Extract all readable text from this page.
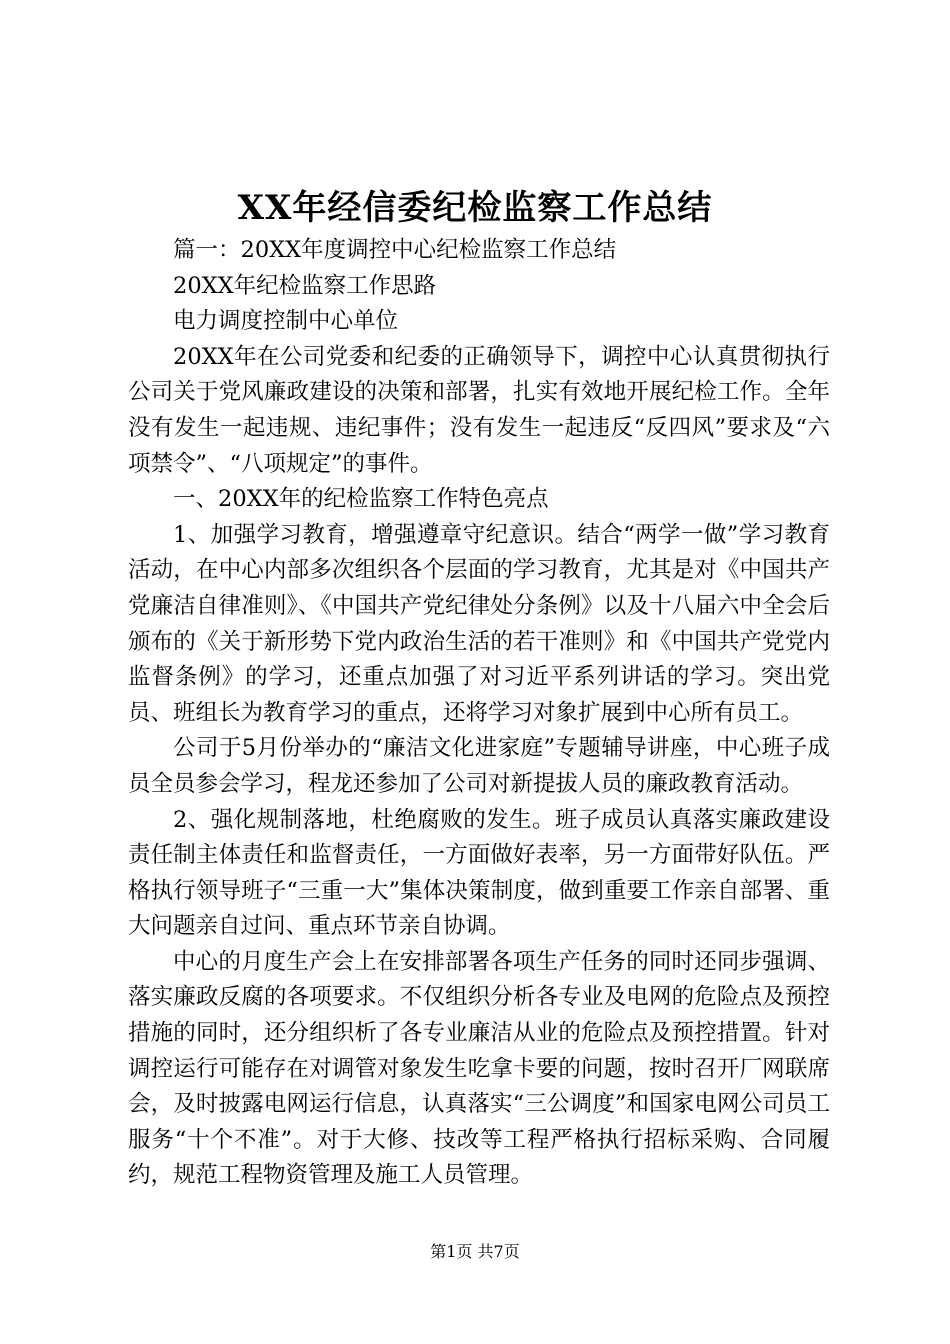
XX年经信委纪检监察工作总结

篇一：20XX年度调控中心纪检监察工作总结

20XX年纪检监察工作思路

电力调度控制中心单位

20XX年在公司党委和纪委的正确领导下，调控中心认真贯彻执行公司关于党风廉政建设的决策和部署，扎实有效地开展纪检工作。全年没有发生一起违规、违纪事件；没有发生一起违反“反四风”要求及“六项禁令”、“八项规定”的事件。

一、20XX年的纪检监察工作特色亮点

1、加强学习教育，增强遵章守纪意识。结合“两学一做”学习教育活动，在中心内部多次组织各个层面的学习教育，尤其是对《中国共产党廉洁自律准则》、《中国共产党纪律处分条例》以及十八届六中全会后颁布的《关于新形势下党内政治生活的若干准则》和《中国共产党党内监督条例》的学习，还重点加强了对习近平系列讲话的学习。突出党员、班组长为教育学习的重点，还将学习对象扩展到中心所有员工。

公司于5月份举办的“廉洁文化进家庭”专题辅导讲座，中心班子成员全员参会学习，程龙还参加了公司对新提拔人员的廉政教育活动。

2、强化规制落地，杜绝腐败的发生。班子成员认真落实廉政建设责任制主体责任和监督责任，一方面做好表率，另一方面带好队伍。严格执行领导班子“三重一大”集体决策制度，做到重要工作亲自部署、重大问题亲自过问、重点环节亲自协调。

中心的月度生产会上在安排部署各项生产任务的同时还同步强调、落实廉政反腐的各项要求。不仅组织分析各专业及电网的危险点及预控措施的同时，还分组织析了各专业廉洁从业的危险点及预控措置。针对调控运行可能存在对调管对象发生吃拿卡要的问题，按时召开厂网联席会，及时披露电网运行信息，认真落实“三公调度”和国家电网公司员工服务“十个不准”。对于大修、技改等工程严格执行招标采购、合同履约，规范工程物资管理及施工人员管理。

第1页 共7页
